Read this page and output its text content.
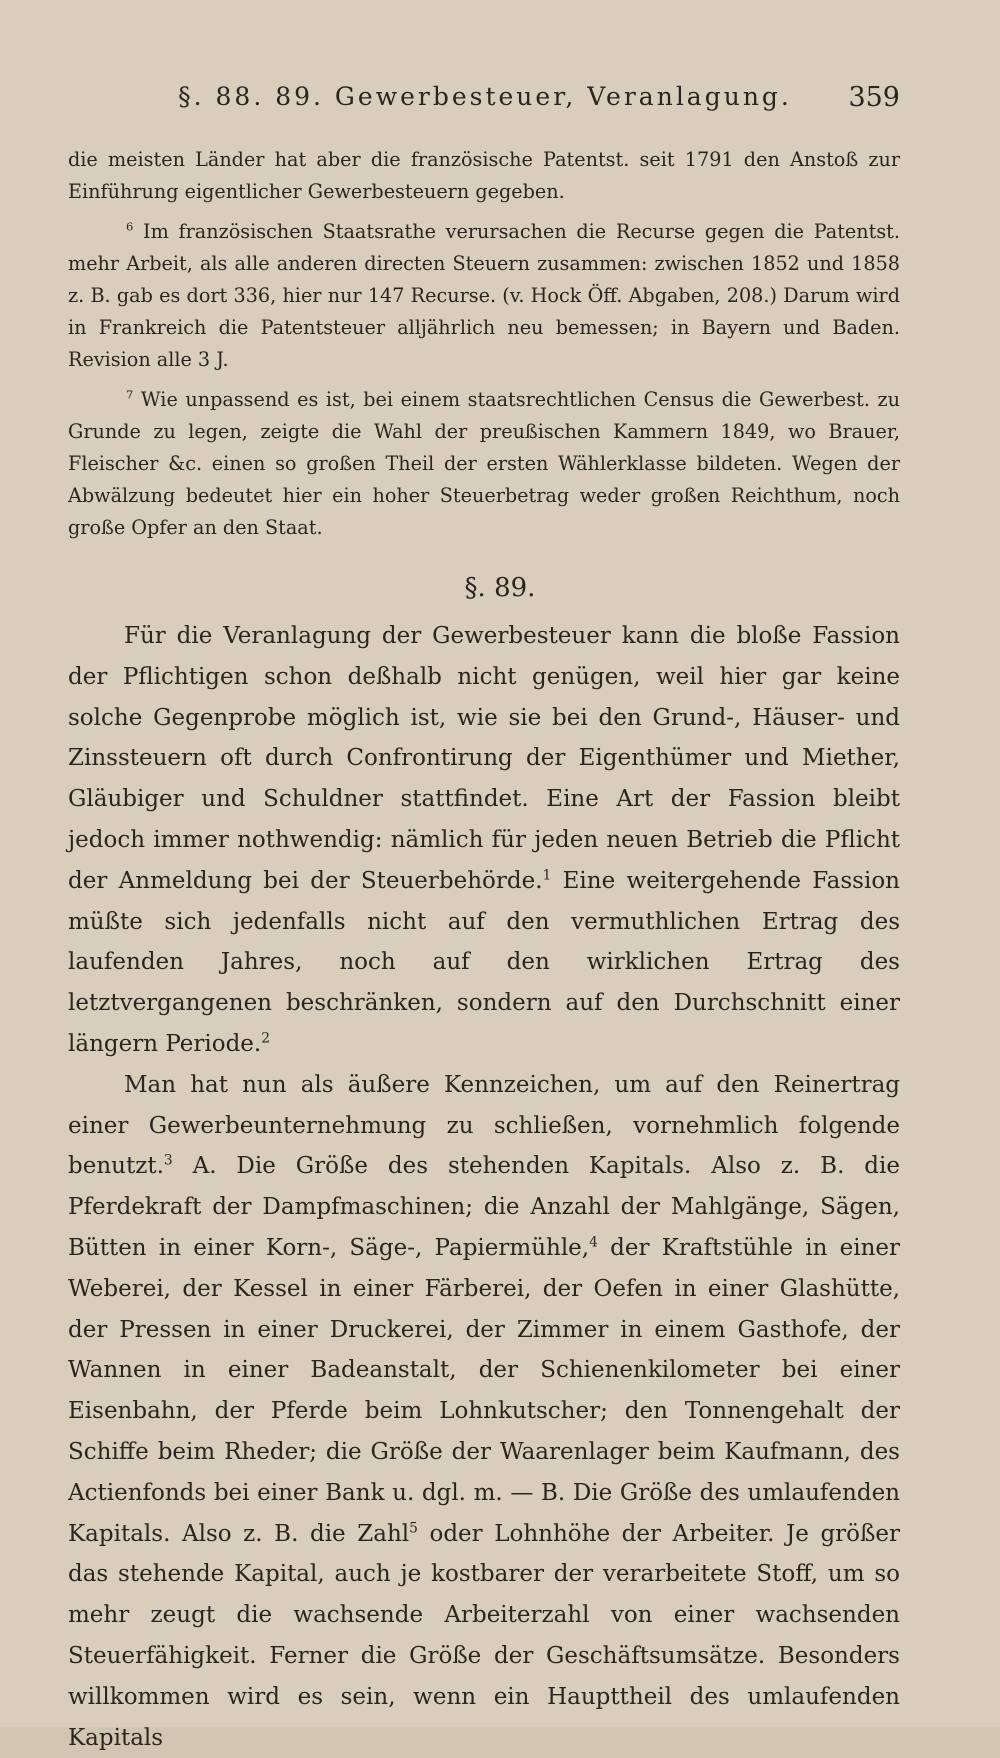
§. 88. 89. Gewerbesteuer, Veranlagung.	359

die meisten Länder hat aber die französische Patentst. seit 1791 den Anstoß zur Einführung eigentlicher Gewerbesteuern gegeben.

$^6$ Im französischen Staatsrathe verursachen die Recurse gegen die Patentst. mehr Arbeit, als alle anderen directen Steuern zusammen: zwischen 1852 und 1858 z. B. gab es dort 336, hier nur 147 Recurse. (v. Hock Öff. Abgaben, 208.) Darum wird in Frankreich die Patentsteuer alljährlich neu bemessen; in Bayern und Baden. Revision alle 3 J.

$^7$ Wie unpassend es ist, bei einem staatsrechtlichen Census die Gewerbest. zu Grunde zu legen, zeigte die Wahl der preußischen Kammern 1849, wo Brauer, Fleischer &c. einen so großen Theil der ersten Wählerklasse bildeten. Wegen der Abwälzung bedeutet hier ein hoher Steuerbetrag weder großen Reichthum, noch große Opfer an den Staat.

§. 89.

Für die Veranlagung der Gewerbesteuer kann die bloße Fassion der Pflichtigen schon deßhalb nicht genügen, weil hier gar keine solche Gegenprobe möglich ist, wie sie bei den Grund-, Häuser- und Zinssteuern oft durch Confrontirung der Eigenthümer und Miether, Gläubiger und Schuldner stattfindet. Eine Art der Fassion bleibt jedoch immer nothwendig: nämlich für jeden neuen Betrieb die Pflicht der Anmeldung bei der Steuerbehörde.$^1$ Eine weitergehende Fassion müßte sich jedenfalls nicht auf den vermuthlichen Ertrag des laufenden Jahres, noch auf den wirklichen Ertrag des letztvergangenen beschränken, sondern auf den Durchschnitt einer längern Periode.$^2$

Man hat nun als äußere Kennzeichen, um auf den Reinertrag einer Gewerbeunternehmung zu schließen, vornehmlich folgende benutzt.$^3$ A. Die Größe des stehenden Kapitals. Also z. B. die Pferdekraft der Dampfmaschinen; die Anzahl der Mahlgänge, Sägen, Bütten in einer Korn-, Säge-, Papiermühle,$^4$ der Kraftstühle in einer Weberei, der Kessel in einer Färberei, der Oefen in einer Glashütte, der Pressen in einer Druckerei, der Zimmer in einem Gasthofe, der Wannen in einer Badeanstalt, der Schienenkilometer bei einer Eisenbahn, der Pferde beim Lohnkutscher; den Tonnengehalt der Schiffe beim Rheder; die Größe der Waarenlager beim Kaufmann, des Actienfonds bei einer Bank u. dgl. m. — B. Die Größe des umlaufenden Kapitals. Also z. B. die Zahl$^5$ oder Lohnhöhe der Arbeiter. Je größer das stehende Kapital, auch je kostbarer der verarbeitete Stoff, um so mehr zeugt die wachsende Arbeiterzahl von einer wachsenden Steuerfähigkeit. Ferner die Größe der Geschäftsumsätze. Besonders willkommen wird es sein, wenn ein Haupttheil des umlaufenden Kapitals
